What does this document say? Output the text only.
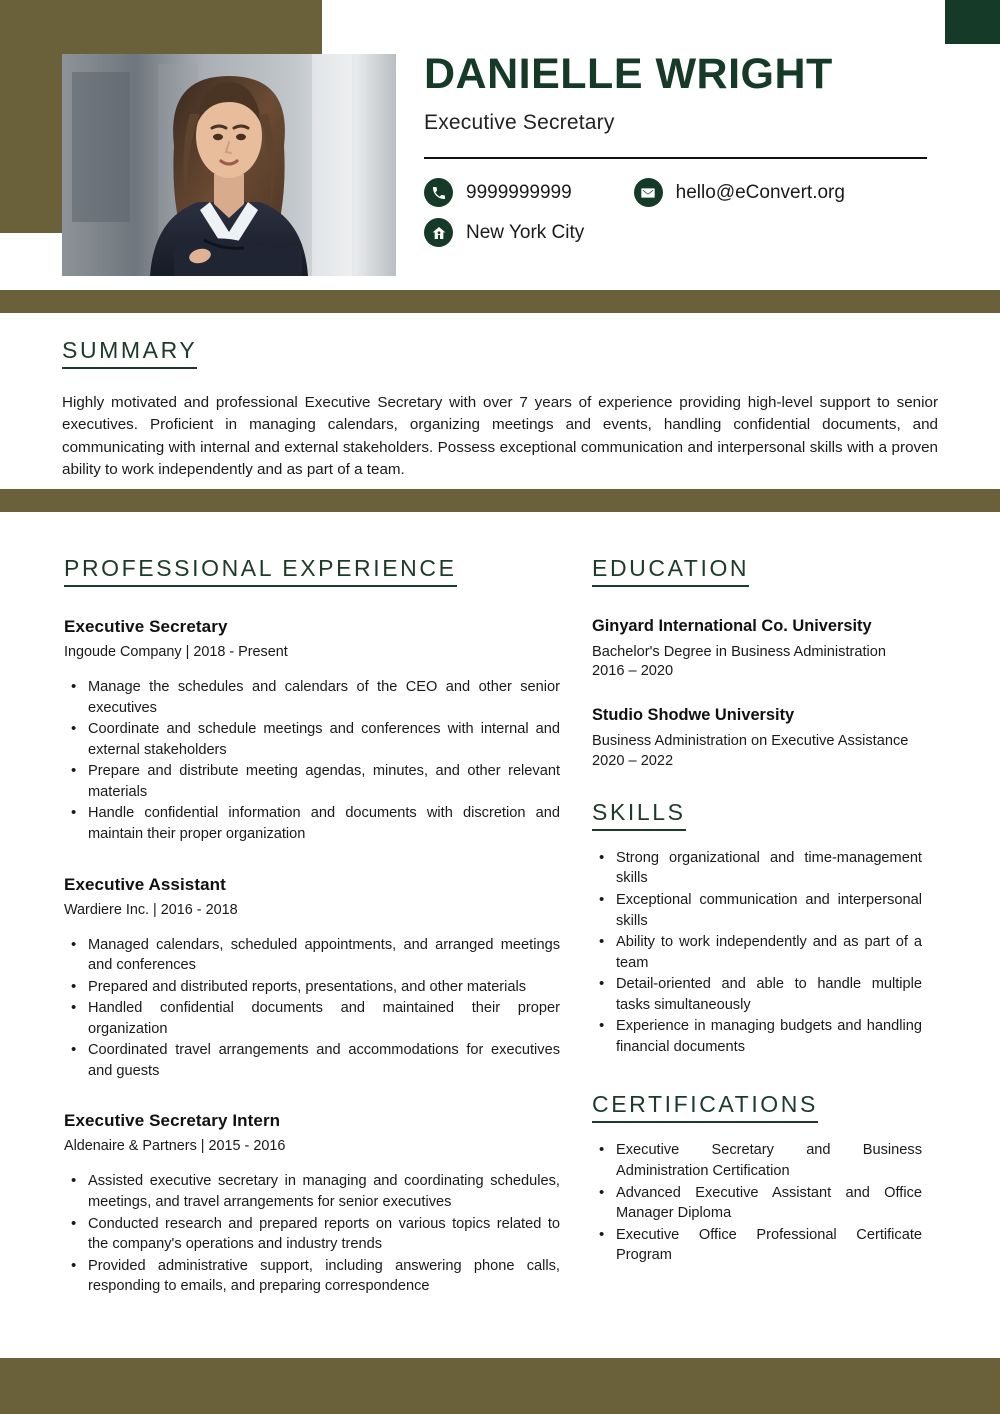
DANIELLE WRIGHT
Executive Secretary
9999999999	hello@eConvert.org
New York City
SUMMARY
Highly motivated and professional Executive Secretary with over 7 years of experience providing high-level support to senior executives. Proficient in managing calendars, organizing meetings and events, handling confidential documents, and communicating with internal and external stakeholders. Possess exceptional communication and interpersonal skills with a proven ability to work independently and as part of a team.
PROFESSIONAL EXPERIENCE
Executive Secretary
Ingoude Company | 2018 - Present
• Manage the schedules and calendars of the CEO and other senior executives
• Coordinate and schedule meetings and conferences with internal and external stakeholders
• Prepare and distribute meeting agendas, minutes, and other relevant materials
• Handle confidential information and documents with discretion and maintain their proper organization
Executive Assistant
Wardiere Inc. | 2016 - 2018
• Managed calendars, scheduled appointments, and arranged meetings and conferences
• Prepared and distributed reports, presentations, and other materials
• Handled confidential documents and maintained their proper organization
• Coordinated travel arrangements and accommodations for executives and guests
Executive Secretary Intern
Aldenaire & Partners | 2015 - 2016
• Assisted executive secretary in managing and coordinating schedules, meetings, and travel arrangements for senior executives
• Conducted research and prepared reports on various topics related to the company's operations and industry trends
• Provided administrative support, including answering phone calls, responding to emails, and preparing correspondence
EDUCATION
Ginyard International Co. University
Bachelor's Degree in Business Administration
2016 – 2020
Studio Shodwe University
Business Administration on Executive Assistance
2020 – 2022
SKILLS
• Strong organizational and time-management skills
• Exceptional communication and interpersonal skills
• Ability to work independently and as part of a team
• Detail-oriented and able to handle multiple tasks simultaneously
• Experience in managing budgets and handling financial documents
CERTIFICATIONS
• Executive Secretary and Business Administration Certification
• Advanced Executive Assistant and Office Manager Diploma
• Executive Office Professional Certificate Program
